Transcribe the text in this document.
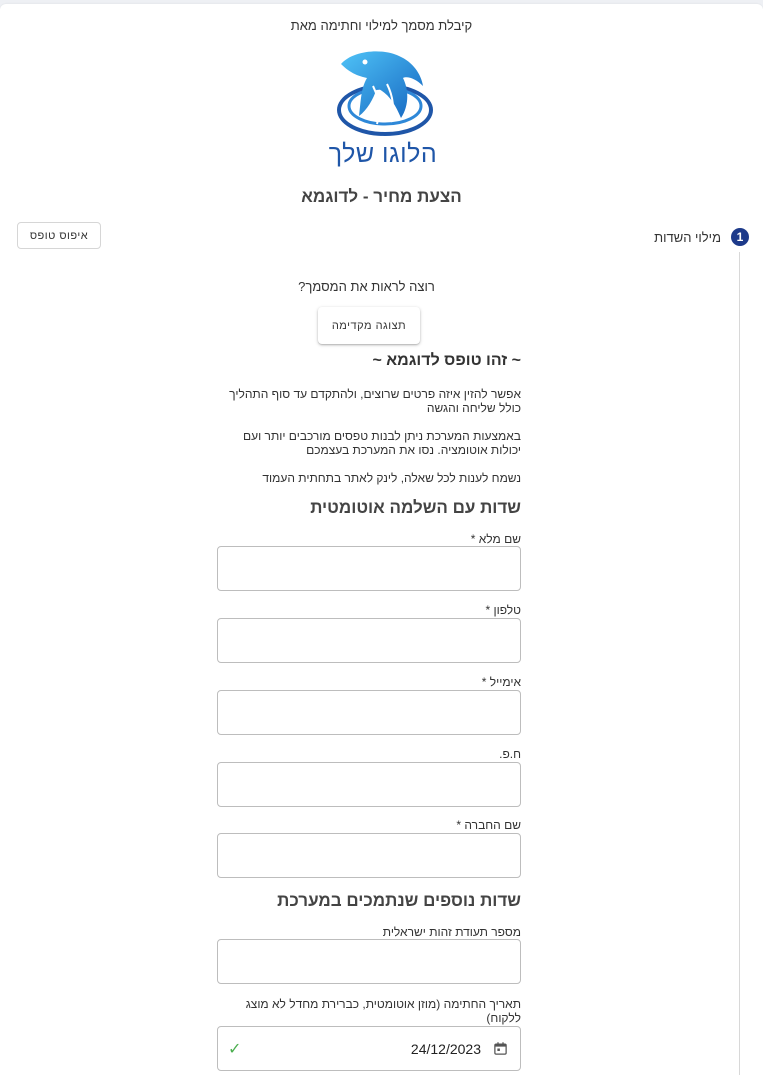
קיבלת מסמך למילוי וחתימה מאת
הלוגו שלך
הצעת מחיר - לדוגמא
איפוס טופס	מילוי השדות	1
רוצה לראות את המסמך?
תצוגה מקדימה
~ זהו טופס לדוגמא ~
אפשר להזין איזה פרטים שרוצים, ולהתקדם עד סוף התהליך כולל שליחה והגשה
באמצעות המערכת ניתן לבנות טפסים מורכבים יותר ועם יכולות אוטומציה. נסו את המערכת בעצמכם
נשמח לענות לכל שאלה, לינק לאתר בתחתית העמוד
שדות עם השלמה אוטומטית
שם מלא *
טלפון *
אימייל *
ח.פ.
שם החברה *
שדות נוספים שנתמכים במערכת
מספר תעודת זהות ישראלית
תאריך החתימה (מוזן אוטומטית, כברירת מחדל לא מוצג ללקוח)
✓	24/12/2023
